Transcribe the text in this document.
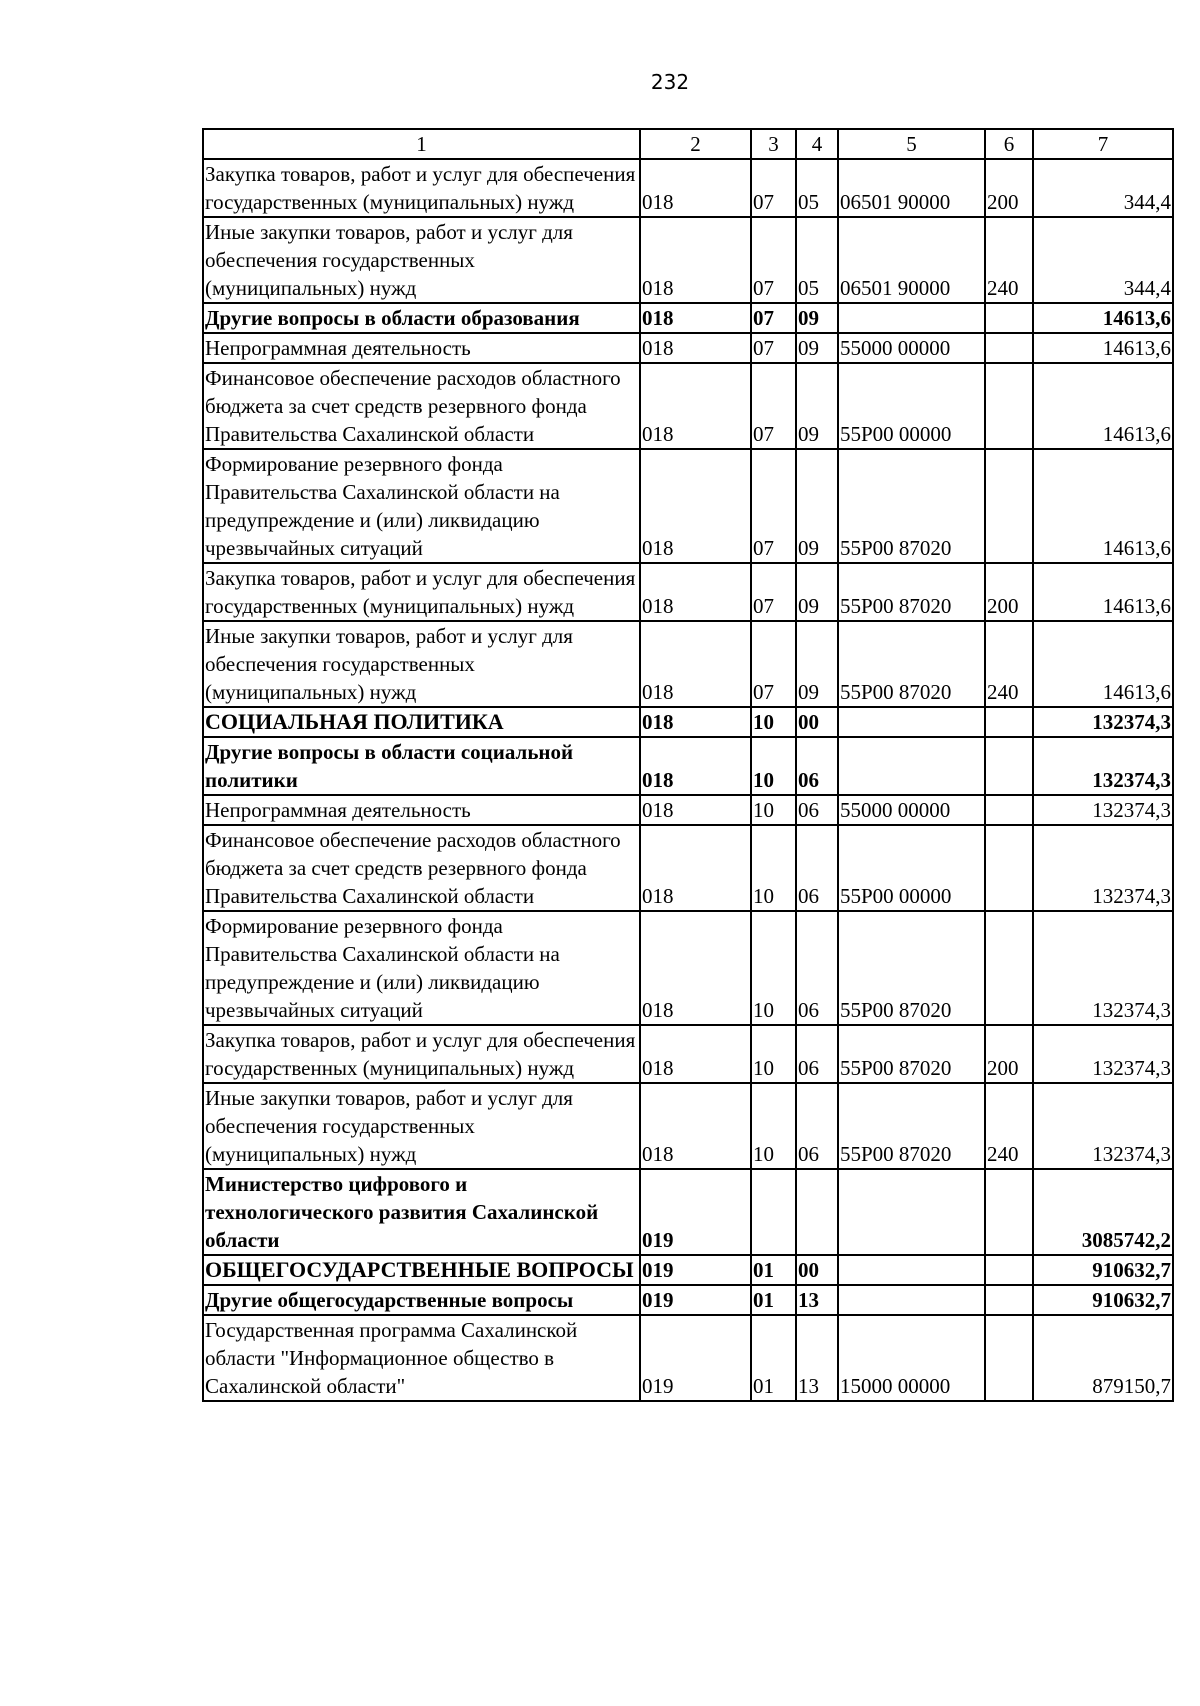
232
1	2	3	4	5	6	7
Закупка товаров, работ и услуг для обеспечения государственных (муниципальных) нужд	018	07	05	06501 90000	200	344,4
Иные закупки товаров, работ и услуг для обеспечения государственных (муниципальных) нужд	018	07	05	06501 90000	240	344,4
Другие вопросы в области образования	018	07	09			14613,6
Непрограммная деятельность	018	07	09	55000 00000		14613,6
Финансовое обеспечение расходов областного бюджета за счет средств резервного фонда Правительства Сахалинской области	018	07	09	55Р00 00000		14613,6
Формирование резервного фонда Правительства Сахалинской области на предупреждение и (или) ликвидацию чрезвычайных ситуаций	018	07	09	55Р00 87020		14613,6
Закупка товаров, работ и услуг для обеспечения государственных (муниципальных) нужд	018	07	09	55Р00 87020	200	14613,6
Иные закупки товаров, работ и услуг для обеспечения государственных (муниципальных) нужд	018	07	09	55Р00 87020	240	14613,6
СОЦИАЛЬНАЯ ПОЛИТИКА	018	10	00			132374,3
Другие вопросы в области социальной политики	018	10	06			132374,3
Непрограммная деятельность	018	10	06	55000 00000		132374,3
Финансовое обеспечение расходов областного бюджета за счет средств резервного фонда Правительства Сахалинской области	018	10	06	55Р00 00000		132374,3
Формирование резервного фонда Правительства Сахалинской области на предупреждение и (или) ликвидацию чрезвычайных ситуаций	018	10	06	55Р00 87020		132374,3
Закупка товаров, работ и услуг для обеспечения государственных (муниципальных) нужд	018	10	06	55Р00 87020	200	132374,3
Иные закупки товаров, работ и услуг для обеспечения государственных (муниципальных) нужд	018	10	06	55Р00 87020	240	132374,3
Министерство цифрового и технологического развития Сахалинской области	019					3085742,2
ОБЩЕГОСУДАРСТВЕННЫЕ ВОПРОСЫ	019	01	00			910632,7
Другие общегосударственные вопросы	019	01	13			910632,7
Государственная программа Сахалинской области "Информационное общество в Сахалинской области"	019	01	13	15000 00000		879150,7
